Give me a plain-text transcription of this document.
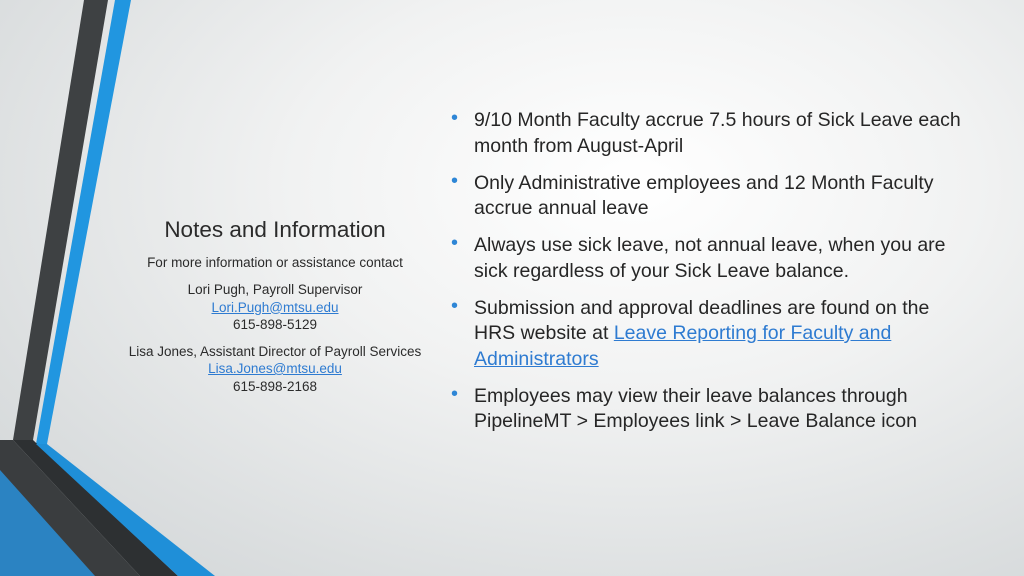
Notes and Information
For more information or assistance contact
Lori Pugh, Payroll Supervisor
Lori.Pugh@mtsu.edu
615-898-5129
Lisa Jones, Assistant Director of Payroll Services
Lisa.Jones@mtsu.edu
615-898-2168
• 9/10 Month Faculty accrue 7.5 hours of Sick Leave each month from August-April
• Only Administrative employees and 12 Month Faculty accrue annual leave
• Always use sick leave, not annual leave, when you are sick regardless of your Sick Leave balance.
• Submission and approval deadlines are found on the HRS website at Leave Reporting for Faculty and Administrators
• Employees may view their leave balances through PipelineMT > Employees link > Leave Balance icon
